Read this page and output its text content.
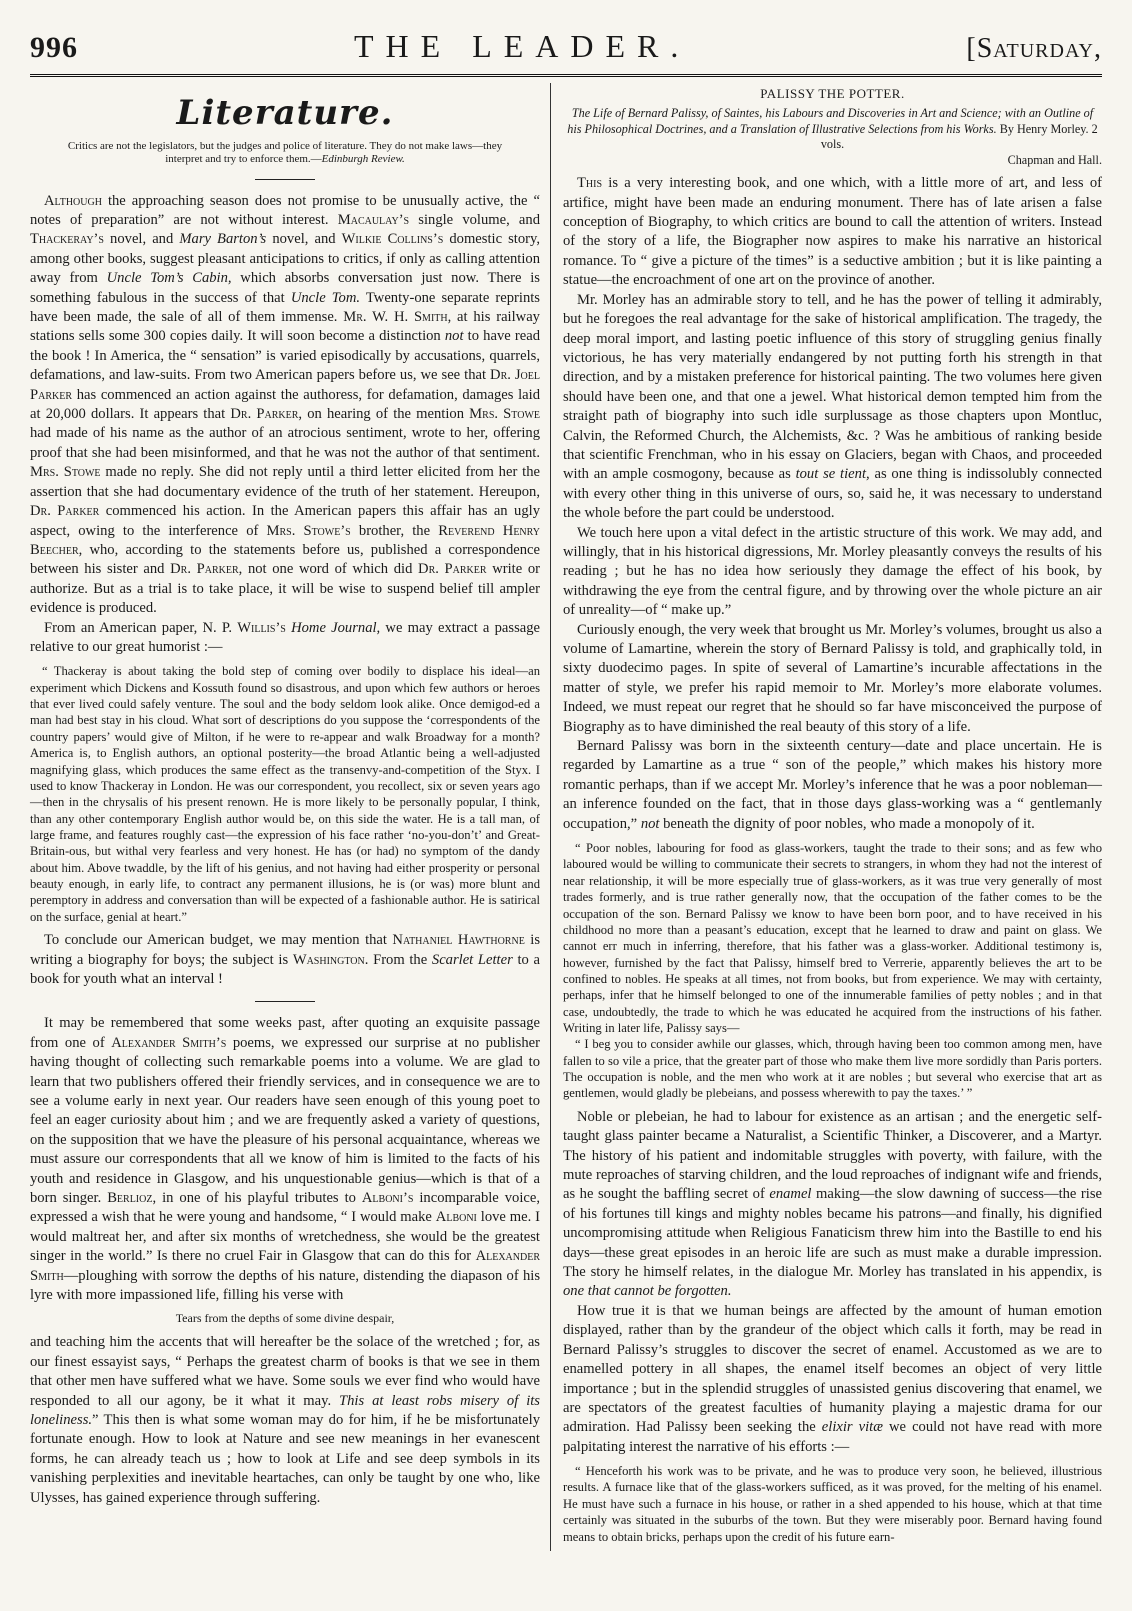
996	THE LEADER.	[Saturday,
Literature.
Critics are not the legislators, but the judges and police of literature. They do not make laws—they interpret and try to enforce them.—Edinburgh Review.

Although the approaching season does not promise to be unusually active, the “ notes of preparation” are not without interest. Macaulay’s single volume, and Thackeray’s novel, and Mary Barton’s novel, and Wilkie Collins’s domestic story, among other books, suggest pleasant anticipations to critics, if only as calling attention away from Uncle Tom’s Cabin, which absorbs conversation just now. There is something fabulous in the success of that Uncle Tom. Twenty-one separate reprints have been made, the sale of all of them immense. Mr. W. H. Smith, at his railway stations sells some 300 copies daily. It will soon become a distinction not to have read the book ! In America, the “ sensation” is varied episodically by accusations, quarrels, defamations, and law-suits. From two American papers before us, we see that Dr. Joel Parker has commenced an action against the authoress, for defamation, damages laid at 20,000 dollars. It appears that Dr. Parker, on hearing of the mention Mrs. Stowe had made of his name as the author of an atrocious sentiment, wrote to her, offering proof that she had been misinformed, and that he was not the author of that sentiment. Mrs. Stowe made no reply. She did not reply until a third letter elicited from her the assertion that she had documentary evidence of the truth of her statement. Hereupon, Dr. Parker commenced his action. In the American papers this affair has an ugly aspect, owing to the interference of Mrs. Stowe’s brother, the Reverend Henry Beecher, who, according to the statements before us, published a correspondence between his sister and Dr. Parker, not one word of which did Dr. Parker write or authorize. But as a trial is to take place, it will be wise to suspend belief till ampler evidence is produced.

From an American paper, N. P. Willis’s Home Journal, we may extract a passage relative to our great humorist :—

“ Thackeray is about taking the bold step of coming over bodily to displace his ideal—an experiment which Dickens and Kossuth found so disastrous, and upon which few authors or heroes that ever lived could safely venture. The soul and the body seldom look alike. Once demigod-ed a man had best stay in his cloud. What sort of descriptions do you suppose the ‘correspondents of the country papers’ would give of Milton, if he were to re-appear and walk Broadway for a month? America is, to English authors, an optional posterity—the broad Atlantic being a well-adjusted magnifying glass, which produces the same effect as the transenvy-and-competition of the Styx. I used to know Thackeray in London. He was our correspondent, you recollect, six or seven years ago—then in the chrysalis of his present renown. He is more likely to be personally popular, I think, than any other contemporary English author would be, on this side the water. He is a tall man, of large frame, and features roughly cast—the expression of his face rather ‘no-you-don’t’ and Great-Britain-ous, but withal very fearless and very honest. He has (or had) no symptom of the dandy about him. Above twaddle, by the lift of his genius, and not having had either prosperity or personal beauty enough, in early life, to contract any permanent illusions, he is (or was) more blunt and peremptory in address and conversation than will be expected of a fashionable author. He is satirical on the surface, genial at heart.”

To conclude our American budget, we may mention that Nathaniel Hawthorne is writing a biography for boys; the subject is Washington. From the Scarlet Letter to a book for youth what an interval !

It may be remembered that some weeks past, after quoting an exquisite passage from one of Alexander Smith’s poems, we expressed our surprise at no publisher having thought of collecting such remarkable poems into a volume. We are glad to learn that two publishers offered their friendly services, and in consequence we are to see a volume early in next year. Our readers have seen enough of this young poet to feel an eager curiosity about him ; and we are frequently asked a variety of questions, on the supposition that we have the pleasure of his personal acquaintance, whereas we must assure our correspondents that all we know of him is limited to the facts of his youth and residence in Glasgow, and his unquestionable genius—which is that of a born singer. Berlioz, in one of his playful tributes to Alboni’s incomparable voice, expressed a wish that he were young and handsome, “ I would make Alboni love me. I would maltreat her, and after six months of wretchedness, she would be the greatest singer in the world.” Is there no cruel Fair in Glasgow that can do this for Alexander Smith—ploughing with sorrow the depths of his nature, distending the diapason of his lyre with more impassioned life, filling his verse with

Tears from the depths of some divine despair,

and teaching him the accents that will hereafter be the solace of the wretched ; for, as our finest essayist says, “ Perhaps the greatest charm of books is that we see in them that other men have suffered what we have. Some souls we ever find who would have responded to all our agony, be it what it may. This at least robs misery of its loneliness.” This then is what some woman may do for him, if he be misfortunately fortunate enough. How to look at Nature and see new meanings in her evanescent forms, he can already teach us ; how to look at Life and see deep symbols in its vanishing perplexities and inevitable heartaches, can only be taught by one who, like Ulysses, has gained experience through suffering.

PALISSY THE POTTER.
The Life of Bernard Palissy, of Saintes, his Labours and Discoveries in Art and Science; with an Outline of his Philosophical Doctrines, and a Translation of Illustrative Selections from his Works. By Henry Morley. 2 vols.
Chapman and Hall.

This is a very interesting book, and one which, with a little more of art, and less of artifice, might have been made an enduring monument. There has of late arisen a false conception of Biography, to which critics are bound to call the attention of writers. Instead of the story of a life, the Biographer now aspires to make his narrative an historical romance. To “ give a picture of the times” is a seductive ambition ; but it is like painting a statue—the encroachment of one art on the province of another.

Mr. Morley has an admirable story to tell, and he has the power of telling it admirably, but he foregoes the real advantage for the sake of historical amplification. The tragedy, the deep moral import, and lasting poetic influence of this story of struggling genius finally victorious, he has very materially endangered by not putting forth his strength in that direction, and by a mistaken preference for historical painting. The two volumes here given should have been one, and that one a jewel. What historical demon tempted him from the straight path of biography into such idle surplussage as those chapters upon Montluc, Calvin, the Reformed Church, the Alchemists, &c. ? Was he ambitious of ranking beside that scientific Frenchman, who in his essay on Glaciers, began with Chaos, and proceeded with an ample cosmogony, because as tout se tient, as one thing is indissolubly connected with every other thing in this universe of ours, so, said he, it was necessary to understand the whole before the part could be understood.

We touch here upon a vital defect in the artistic structure of this work. We may add, and willingly, that in his historical digressions, Mr. Morley pleasantly conveys the results of his reading ; but he has no idea how seriously they damage the effect of his book, by withdrawing the eye from the central figure, and by throwing over the whole picture an air of unreality—of “ make up.”

Curiously enough, the very week that brought us Mr. Morley’s volumes, brought us also a volume of Lamartine, wherein the story of Bernard Palissy is told, and graphically told, in sixty duodecimo pages. In spite of several of Lamartine’s incurable affectations in the matter of style, we prefer his rapid memoir to Mr. Morley’s more elaborate volumes. Indeed, we must repeat our regret that he should so far have misconceived the purpose of Biography as to have diminished the real beauty of this story of a life.

Bernard Palissy was born in the sixteenth century—date and place uncertain. He is regarded by Lamartine as a true “ son of the people,” which makes his history more romantic perhaps, than if we accept Mr. Morley’s inference that he was a poor nobleman—an inference founded on the fact, that in those days glass-working was a “ gentlemanly occupation,” not beneath the dignity of poor nobles, who made a monopoly of it.

“ Poor nobles, labouring for food as glass-workers, taught the trade to their sons; and as few who laboured would be willing to communicate their secrets to strangers, in whom they had not the interest of near relationship, it will be more especially true of glass-workers, as it was true very generally of most trades formerly, and is true rather generally now, that the occupation of the father comes to be the occupation of the son. Bernard Palissy we know to have been born poor, and to have received in his childhood no more than a peasant’s education, except that he learned to draw and paint on glass. We cannot err much in inferring, therefore, that his father was a glass-worker. Additional testimony is, however, furnished by the fact that Palissy, himself bred to Verrerie, apparently believes the art to be confined to nobles. He speaks at all times, not from books, but from experience. We may with certainty, perhaps, infer that he himself belonged to one of the innumerable families of petty nobles ; and in that case, undoubtedly, the trade to which he was educated he acquired from the instructions of his father. Writing in later life, Palissy says—

“ I beg you to consider awhile our glasses, which, through having been too common among men, have fallen to so vile a price, that the greater part of those who make them live more sordidly than Paris porters. The occupation is noble, and the men who work at it are nobles ; but several who exercise that art as gentlemen, would gladly be plebeians, and possess wherewith to pay the taxes.’ ”

Noble or plebeian, he had to labour for existence as an artisan ; and the energetic self-taught glass painter became a Naturalist, a Scientific Thinker, a Discoverer, and a Martyr. The history of his patient and indomitable struggles with poverty, with failure, with the mute reproaches of starving children, and the loud reproaches of indignant wife and friends, as he sought the baffling secret of enamel making—the slow dawning of success—the rise of his fortunes till kings and mighty nobles became his patrons—and finally, his dignified uncompromising attitude when Religious Fanaticism threw him into the Bastille to end his days—these great episodes in an heroic life are such as must make a durable impression. The story he himself relates, in the dialogue Mr. Morley has translated in his appendix, is one that cannot be forgotten.

How true it is that we human beings are affected by the amount of human emotion displayed, rather than by the grandeur of the object which calls it forth, may be read in Bernard Palissy’s struggles to discover the secret of enamel. Accustomed as we are to enamelled pottery in all shapes, the enamel itself becomes an object of very little importance ; but in the splendid struggles of unassisted genius discovering that enamel, we are spectators of the greatest faculties of humanity playing a majestic drama for our admiration. Had Palissy been seeking the elixir vitæ we could not have read with more palpitating interest the narrative of his efforts :—

“ Henceforth his work was to be private, and he was to produce very soon, he believed, illustrious results. A furnace like that of the glass-workers sufficed, as it was proved, for the melting of his enamel. He must have such a furnace in his house, or rather in a shed appended to his house, which at that time certainly was situated in the suburbs of the town. But they were miserably poor. Bernard having found means to obtain bricks, perhaps upon the credit of his future earn-
